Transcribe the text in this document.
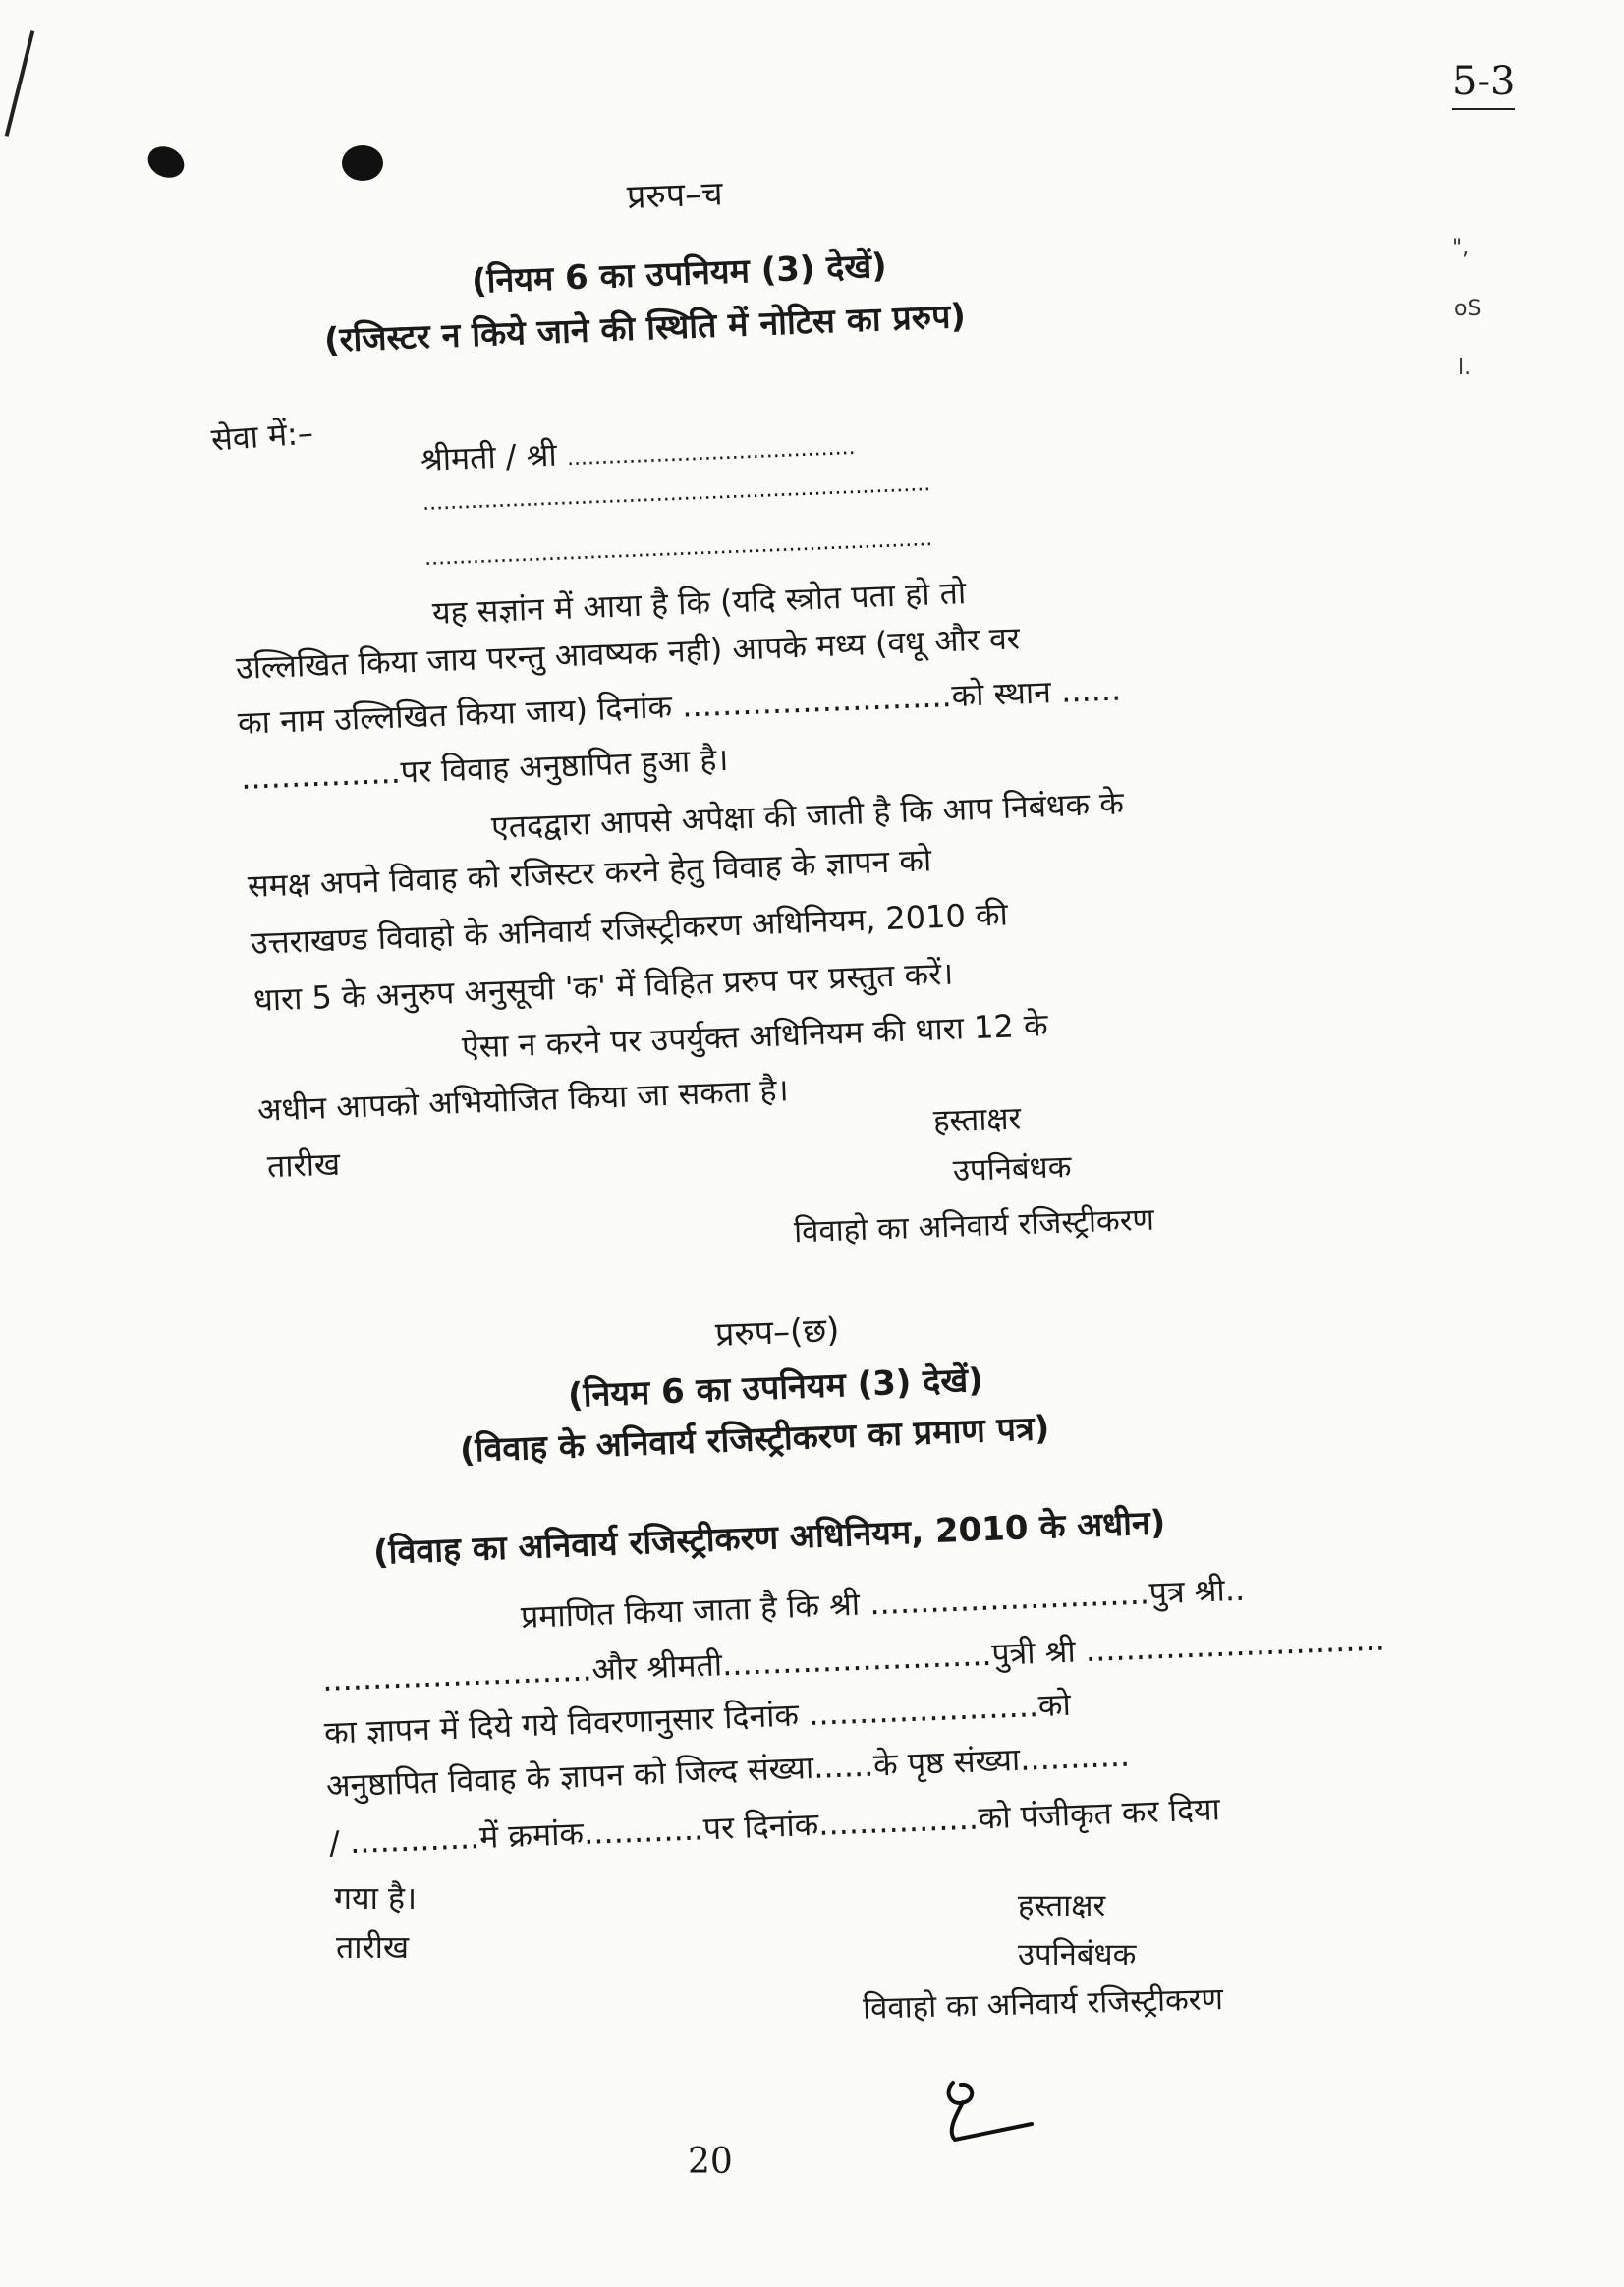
5-3
",
oS
l.
प्ररुप–च
(नियम 6 का उपनियम (3) देखें)
(रजिस्टर न किये जाने की स्थिति में नोटिस का प्ररुप)
सेवा में:–	श्रीमती / श्री ..........................................
..........................................................................
..........................................................................
यह सज्ञांन में आया है कि (यदि स्त्रोत पता हो तो
उल्लिखित किया जाय परन्तु आवष्यक नही) आपके मध्य (वधू और वर
का नाम उल्लिखित किया जाय) दिनांक ...........................को स्थान ......
................पर विवाह अनुष्ठापित हुआ है।
एतदद्वारा आपसे अपेक्षा की जाती है कि आप निबंधक के
समक्ष अपने विवाह को रजिस्टर करने हेतु विवाह के ज्ञापन को
उत्तराखण्ड विवाहो के अनिवार्य रजिस्ट्रीकरण अधिनियम, 2010 की
धारा 5 के अनुरुप अनुसूची 'क' में विहित प्ररुप पर प्रस्तुत करें।
ऐसा न करने पर उपर्युक्त अधिनियम की धारा 12 के
अधीन आपको अभियोजित किया जा सकता है।
तारीख
हस्ताक्षर
उपनिबंधक
विवाहो का अनिवार्य रजिस्ट्रीकरण
प्ररुप–(छ)
(नियम 6 का उपनियम (3) देखें)
(विवाह के अनिवार्य रजिस्ट्रीकरण का प्रमाण पत्र)
(विवाह का अनिवार्य रजिस्ट्रीकरण अधिनियम, 2010 के अधीन)
प्रमाणित किया जाता है कि श्री ............................पुत्र श्री..
...........................और श्रीमती...........................पुत्री श्री ..............................
का ज्ञापन में दिये गये विवरणानुसार दिनांक .......................को
अनुष्ठापित विवाह के ज्ञापन को जिल्द संख्या......के पृष्ठ संख्या...........
/ .............में क्रमांक............पर दिनांक................को पंजीकृत कर दिया
गया है।
तारीख
हस्ताक्षर
उपनिबंधक
विवाहो का अनिवार्य रजिस्ट्रीकरण
20
